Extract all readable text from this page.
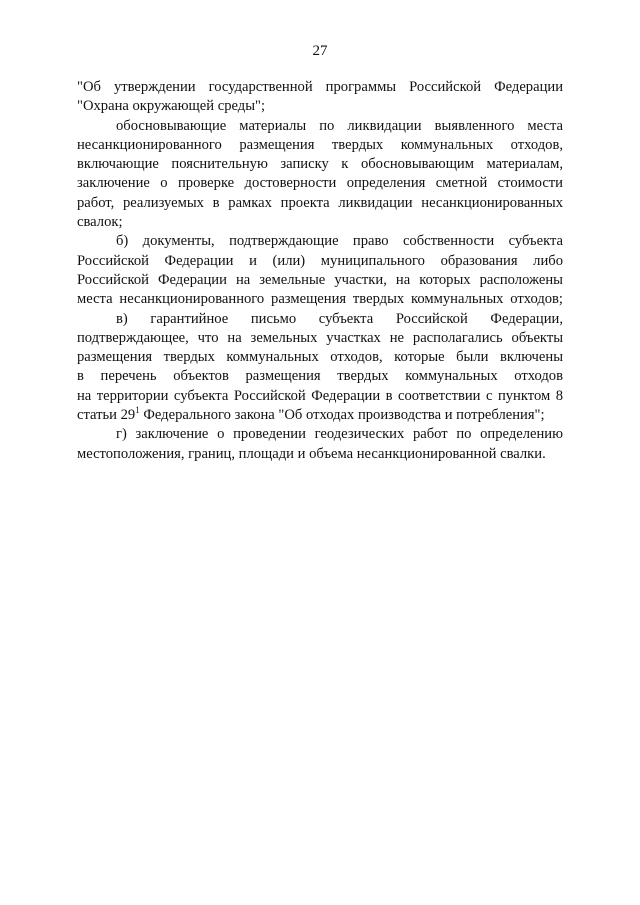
27
"Об утверждении государственной программы Российской Федерации
"Охрана окружающей среды";
обосновывающие материалы по ликвидации выявленного места
несанкционированного размещения твердых коммунальных отходов,
включающие пояснительную записку к обосновывающим материалам,
заключение о проверке достоверности определения сметной стоимости
работ, реализуемых в рамках проекта ликвидации несанкционированных
свалок;
б) документы, подтверждающие право собственности субъекта
Российской Федерации и (или) муниципального образования либо
Российской Федерации на земельные участки, на которых расположены
места несанкционированного размещения твердых коммунальных отходов;
в) гарантийное письмо субъекта Российской Федерации,
подтверждающее, что на земельных участках не располагались объекты
размещения твердых коммунальных отходов, которые были включены
в перечень объектов размещения твердых коммунальных отходов
на территории субъекта Российской Федерации в соответствии с пунктом 8
статьи $29^1$ Федерального закона "Об отходах производства и потребления";
г) заключение о проведении геодезических работ по определению
местоположения, границ, площади и объема несанкционированной свалки.
